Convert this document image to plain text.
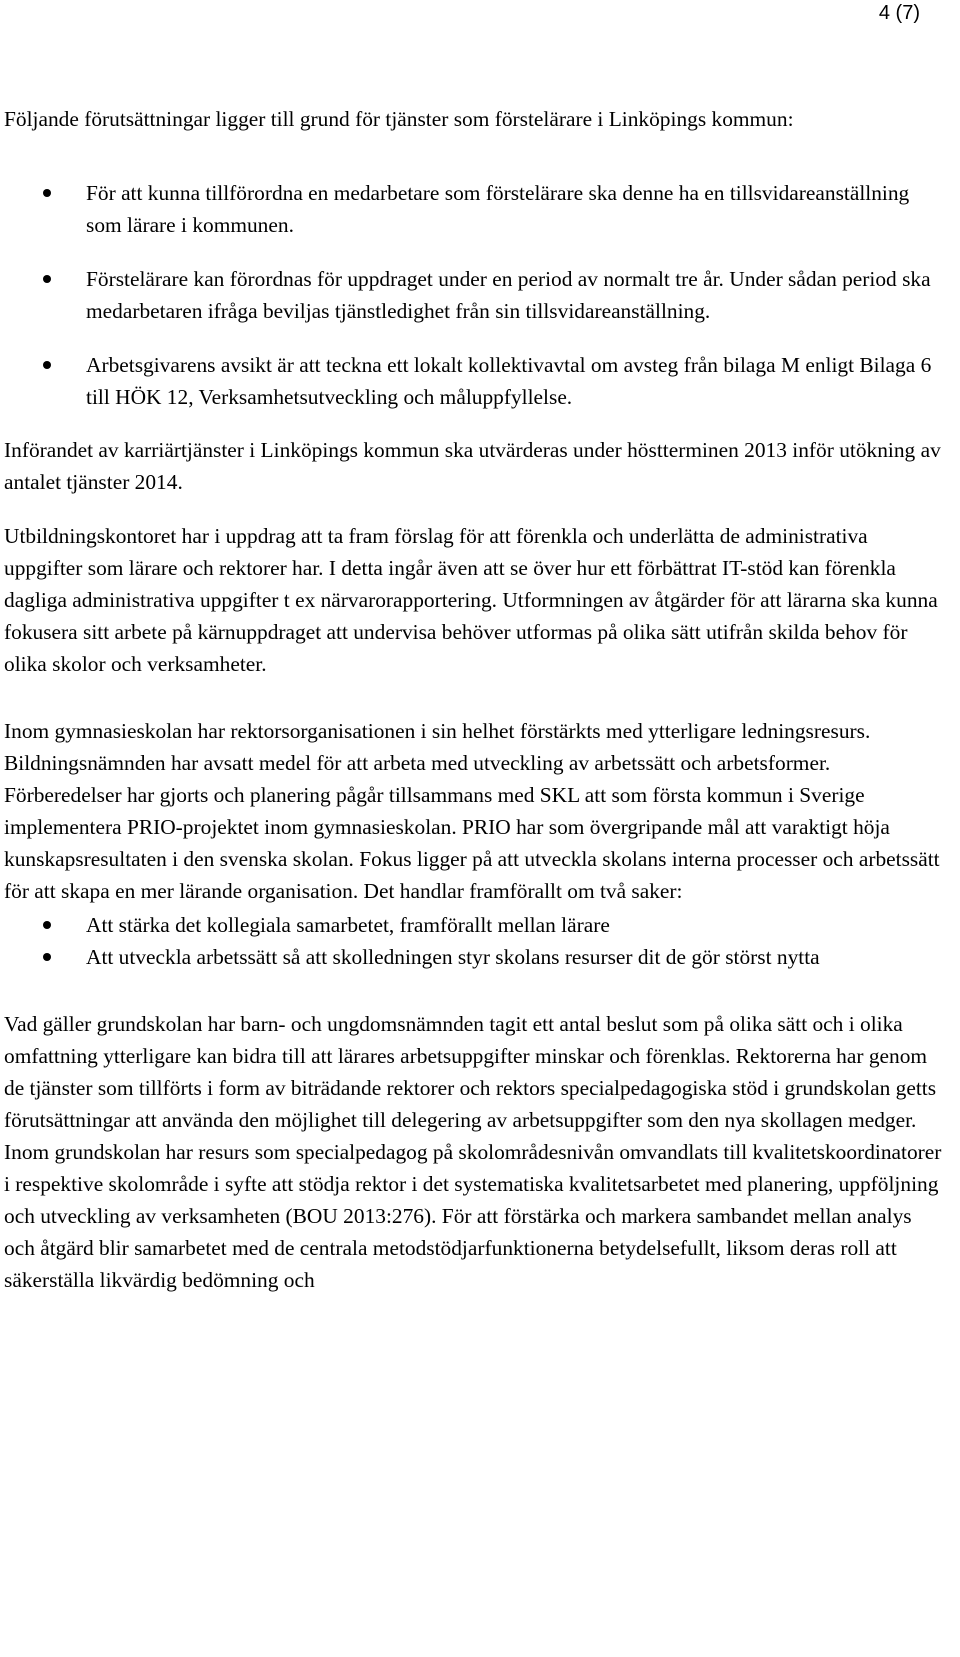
4 (7)

Följande förutsättningar ligger till grund för tjänster som förstelärare i Linköpings kommun:

För att kunna tillförordna en medarbetare som förstelärare ska denne ha en tillsvidareanställning som lärare i kommunen.
Förstelärare kan förordnas för uppdraget under en period av normalt tre år. Under sådan period ska medarbetaren ifråga beviljas tjänstledighet från sin tillsvidareanställning.
Arbetsgivarens avsikt är att teckna ett lokalt kollektivavtal om avsteg från bilaga M enligt Bilaga 6 till HÖK 12, Verksamhetsutveckling och måluppfyllelse.

Införandet av karriärtjänster i Linköpings kommun ska utvärderas under höstterminen 2013 inför utökning av antalet tjänster 2014.

Utbildningskontoret har i uppdrag att ta fram förslag för att förenkla och underlätta de administrativa uppgifter som lärare och rektorer har. I detta ingår även att se över hur ett förbättrat IT-stöd kan förenkla dagliga administrativa uppgifter t ex närvarorapportering. Utformningen av åtgärder för att lärarna ska kunna fokusera sitt arbete på kärnuppdraget att undervisa behöver utformas på olika sätt utifrån skilda behov för olika skolor och verksamheter.

Inom gymnasieskolan har rektorsorganisationen i sin helhet förstärkts med ytterligare ledningsresurs. Bildningsnämnden har avsatt medel för att arbeta med utveckling av arbetssätt och arbetsformer. Förberedelser har gjorts och planering pågår tillsammans med SKL att som första kommun i Sverige implementera PRIO-projektet inom gymnasieskolan. PRIO har som övergripande mål att varaktigt höja kunskapsresultaten i den svenska skolan. Fokus ligger på att utveckla skolans interna processer och arbetssätt för att skapa en mer lärande organisation. Det handlar framförallt om två saker:

Att stärka det kollegiala samarbetet, framförallt mellan lärare
Att utveckla arbetssätt så att skolledningen styr skolans resurser dit de gör störst nytta

Vad gäller grundskolan har barn- och ungdomsnämnden tagit ett antal beslut som på olika sätt och i olika omfattning ytterligare kan bidra till att lärares arbetsuppgifter minskar och förenklas. Rektorerna har genom de tjänster som tillförts i form av biträdande rektorer och rektors specialpedagogiska stöd i grundskolan getts förutsättningar att använda den möjlighet till delegering av arbetsuppgifter som den nya skollagen medger.

Inom grundskolan har resurs som specialpedagog på skolområdesnivån omvandlats till kvalitetskoordinatorer i respektive skolområde i syfte att stödja rektor i det systematiska kvalitetsarbetet med planering, uppföljning och utveckling av verksamheten (BOU 2013:276). För att förstärka och markera sambandet mellan analys och åtgärd blir samarbetet med de centrala metodstödjarfunktionerna betydelsefullt, liksom deras roll att säkerställa likvärdig bedömning och
